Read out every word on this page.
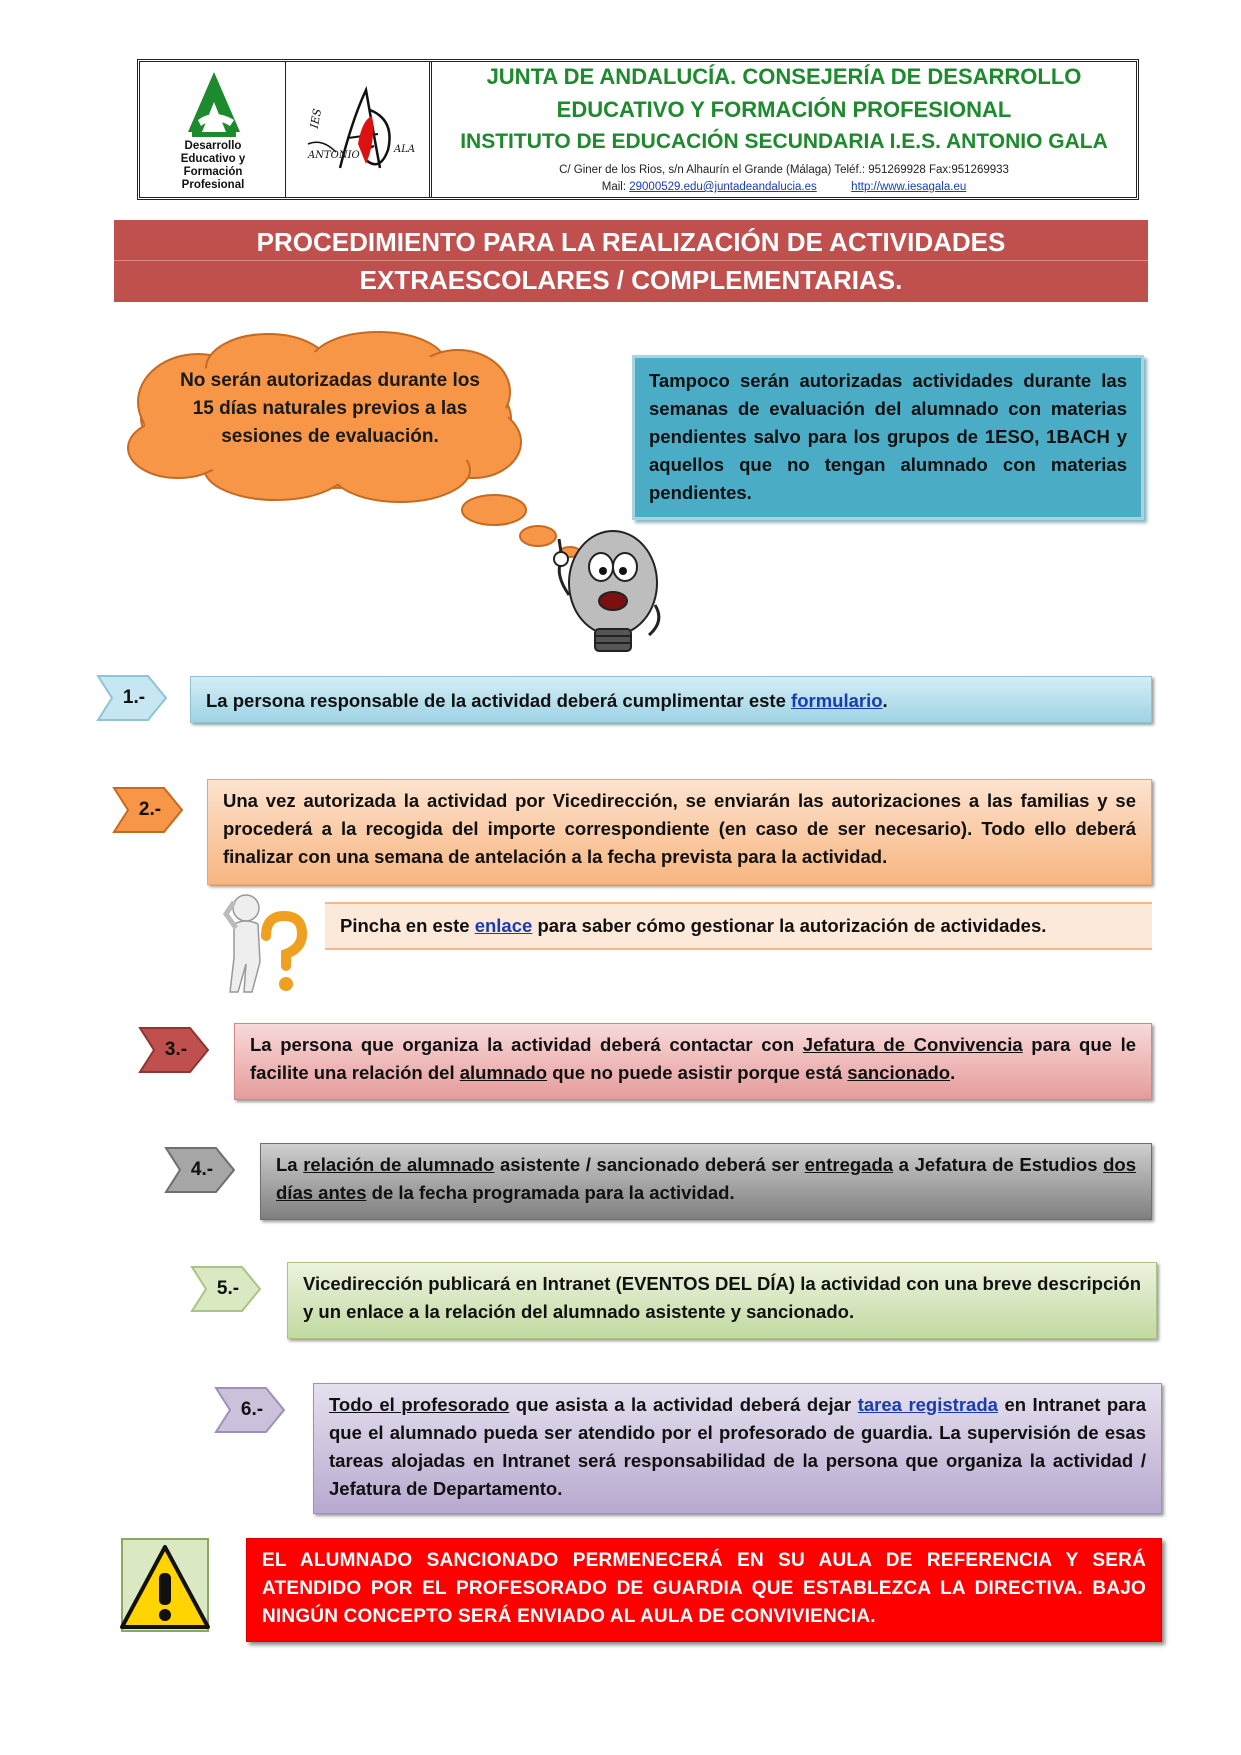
Desarrollo
Educativo y
Formación
Profesional
IES
ANTONIO
ALA
JUNTA DE ANDALUCÍA. CONSEJERÍA DE DESARROLLO
EDUCATIVO Y FORMACIÓN PROFESIONAL
INSTITUTO DE EDUCACIÓN SECUNDARIA I.E.S. ANTONIO GALA
C/ Giner de los Rios, s/n Alhaurín el Grande (Málaga) Teléf.: 951269928 Fax:951269933
Mail: 29000529.edu@juntadeandalucia.es	http://www.iesagala.eu
PROCEDIMIENTO PARA LA REALIZACIÓN DE ACTIVIDADES
EXTRAESCOLARES / COMPLEMENTARIAS.
No serán autorizadas durante los 15 días naturales previos a las sesiones de evaluación.
Tampoco serán autorizadas actividades durante las semanas de evaluación del alumnado con materias pendientes salvo para los grupos de 1ESO, 1BACH y aquellos que no tengan alumnado con materias pendientes.
1.-	La persona responsable de la actividad deberá cumplimentar este formulario.
2.-	Una vez autorizada la actividad por Vicedirección, se enviarán las autorizaciones a las familias y se procederá a la recogida del importe correspondiente (en caso de ser necesario). Todo ello deberá finalizar con una semana de antelación a la fecha prevista para la actividad.
Pincha en este enlace para saber cómo gestionar la autorización de actividades.
3.-	La persona que organiza la actividad deberá contactar con Jefatura de Convivencia para que le facilite una relación del alumnado que no puede asistir porque está sancionado.
4.-	La relación de alumnado asistente / sancionado deberá ser entregada a Jefatura de Estudios dos días antes de la fecha programada para la actividad.
5.-	Vicedirección publicará en Intranet (EVENTOS DEL DÍA) la actividad con una breve descripción y un enlace a la relación del alumnado asistente y sancionado.
6.-	Todo el profesorado que asista a la actividad deberá dejar tarea registrada en Intranet para que el alumnado pueda ser atendido por el profesorado de guardia. La supervisión de esas tareas alojadas en Intranet será responsabilidad de la persona que organiza la actividad / Jefatura de Departamento.
EL ALUMNADO SANCIONADO PERMENECERÁ EN SU AULA DE REFERENCIA Y SERÁ ATENDIDO POR EL PROFESORADO DE GUARDIA QUE ESTABLEZCA LA DIRECTIVA. BAJO NINGÚN CONCEPTO SERÁ ENVIADO AL AULA DE CONVIVIENCIA.
